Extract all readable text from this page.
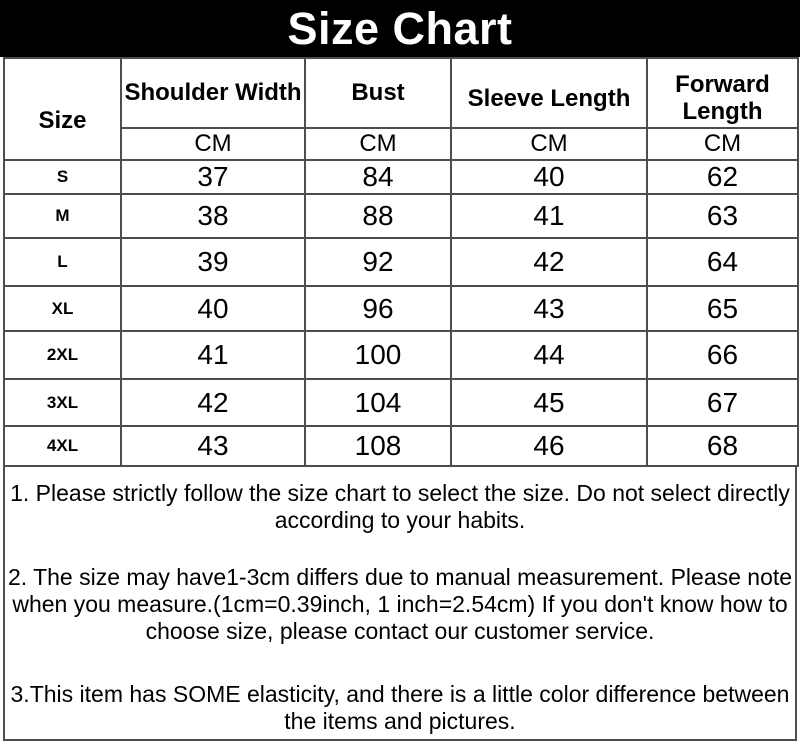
Size Chart
Size	Shoulder Width	Bust	Sleeve Length	Forward Length
	CM	CM	CM	CM
S	37	84	40	62
M	38	88	41	63
L	39	92	42	64
XL	40	96	43	65
2XL	41	100	44	66
3XL	42	104	45	67
4XL	43	108	46	68

1. Please strictly follow the size chart to select the size. Do not select directly according to your habits.

2. The size may have1-3cm differs due to manual measurement. Please note when you measure.(1cm=0.39inch, 1 inch=2.54cm) If you don't know how to choose size, please contact our customer service.

3.This item has SOME elasticity, and there is a little color difference between the items and pictures.
